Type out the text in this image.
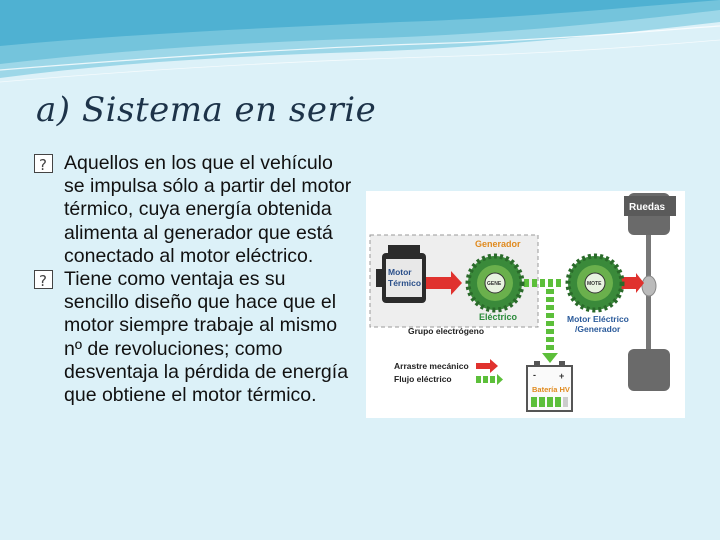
a) Sistema en serie

?
Aquellos en los que el vehículo se impulsa sólo a partir del motor térmico, cuya energía obtenida alimenta al generador que está conectado al motor eléctrico.

?
Tiene como ventaja es su sencillo diseño que hace que el motor siempre trabaje al mismo nº de revoluciones; como desventaja la pérdida de energía que obtiene el motor térmico.

Motor
Térmico	GENE
Generador
Eléctrico
Grupo electrógeno
MOTE
Motor Eléctrico
/Generador
Ruedas
Arrastre mecánico
Flujo eléctrico	-	+
Batería HV
